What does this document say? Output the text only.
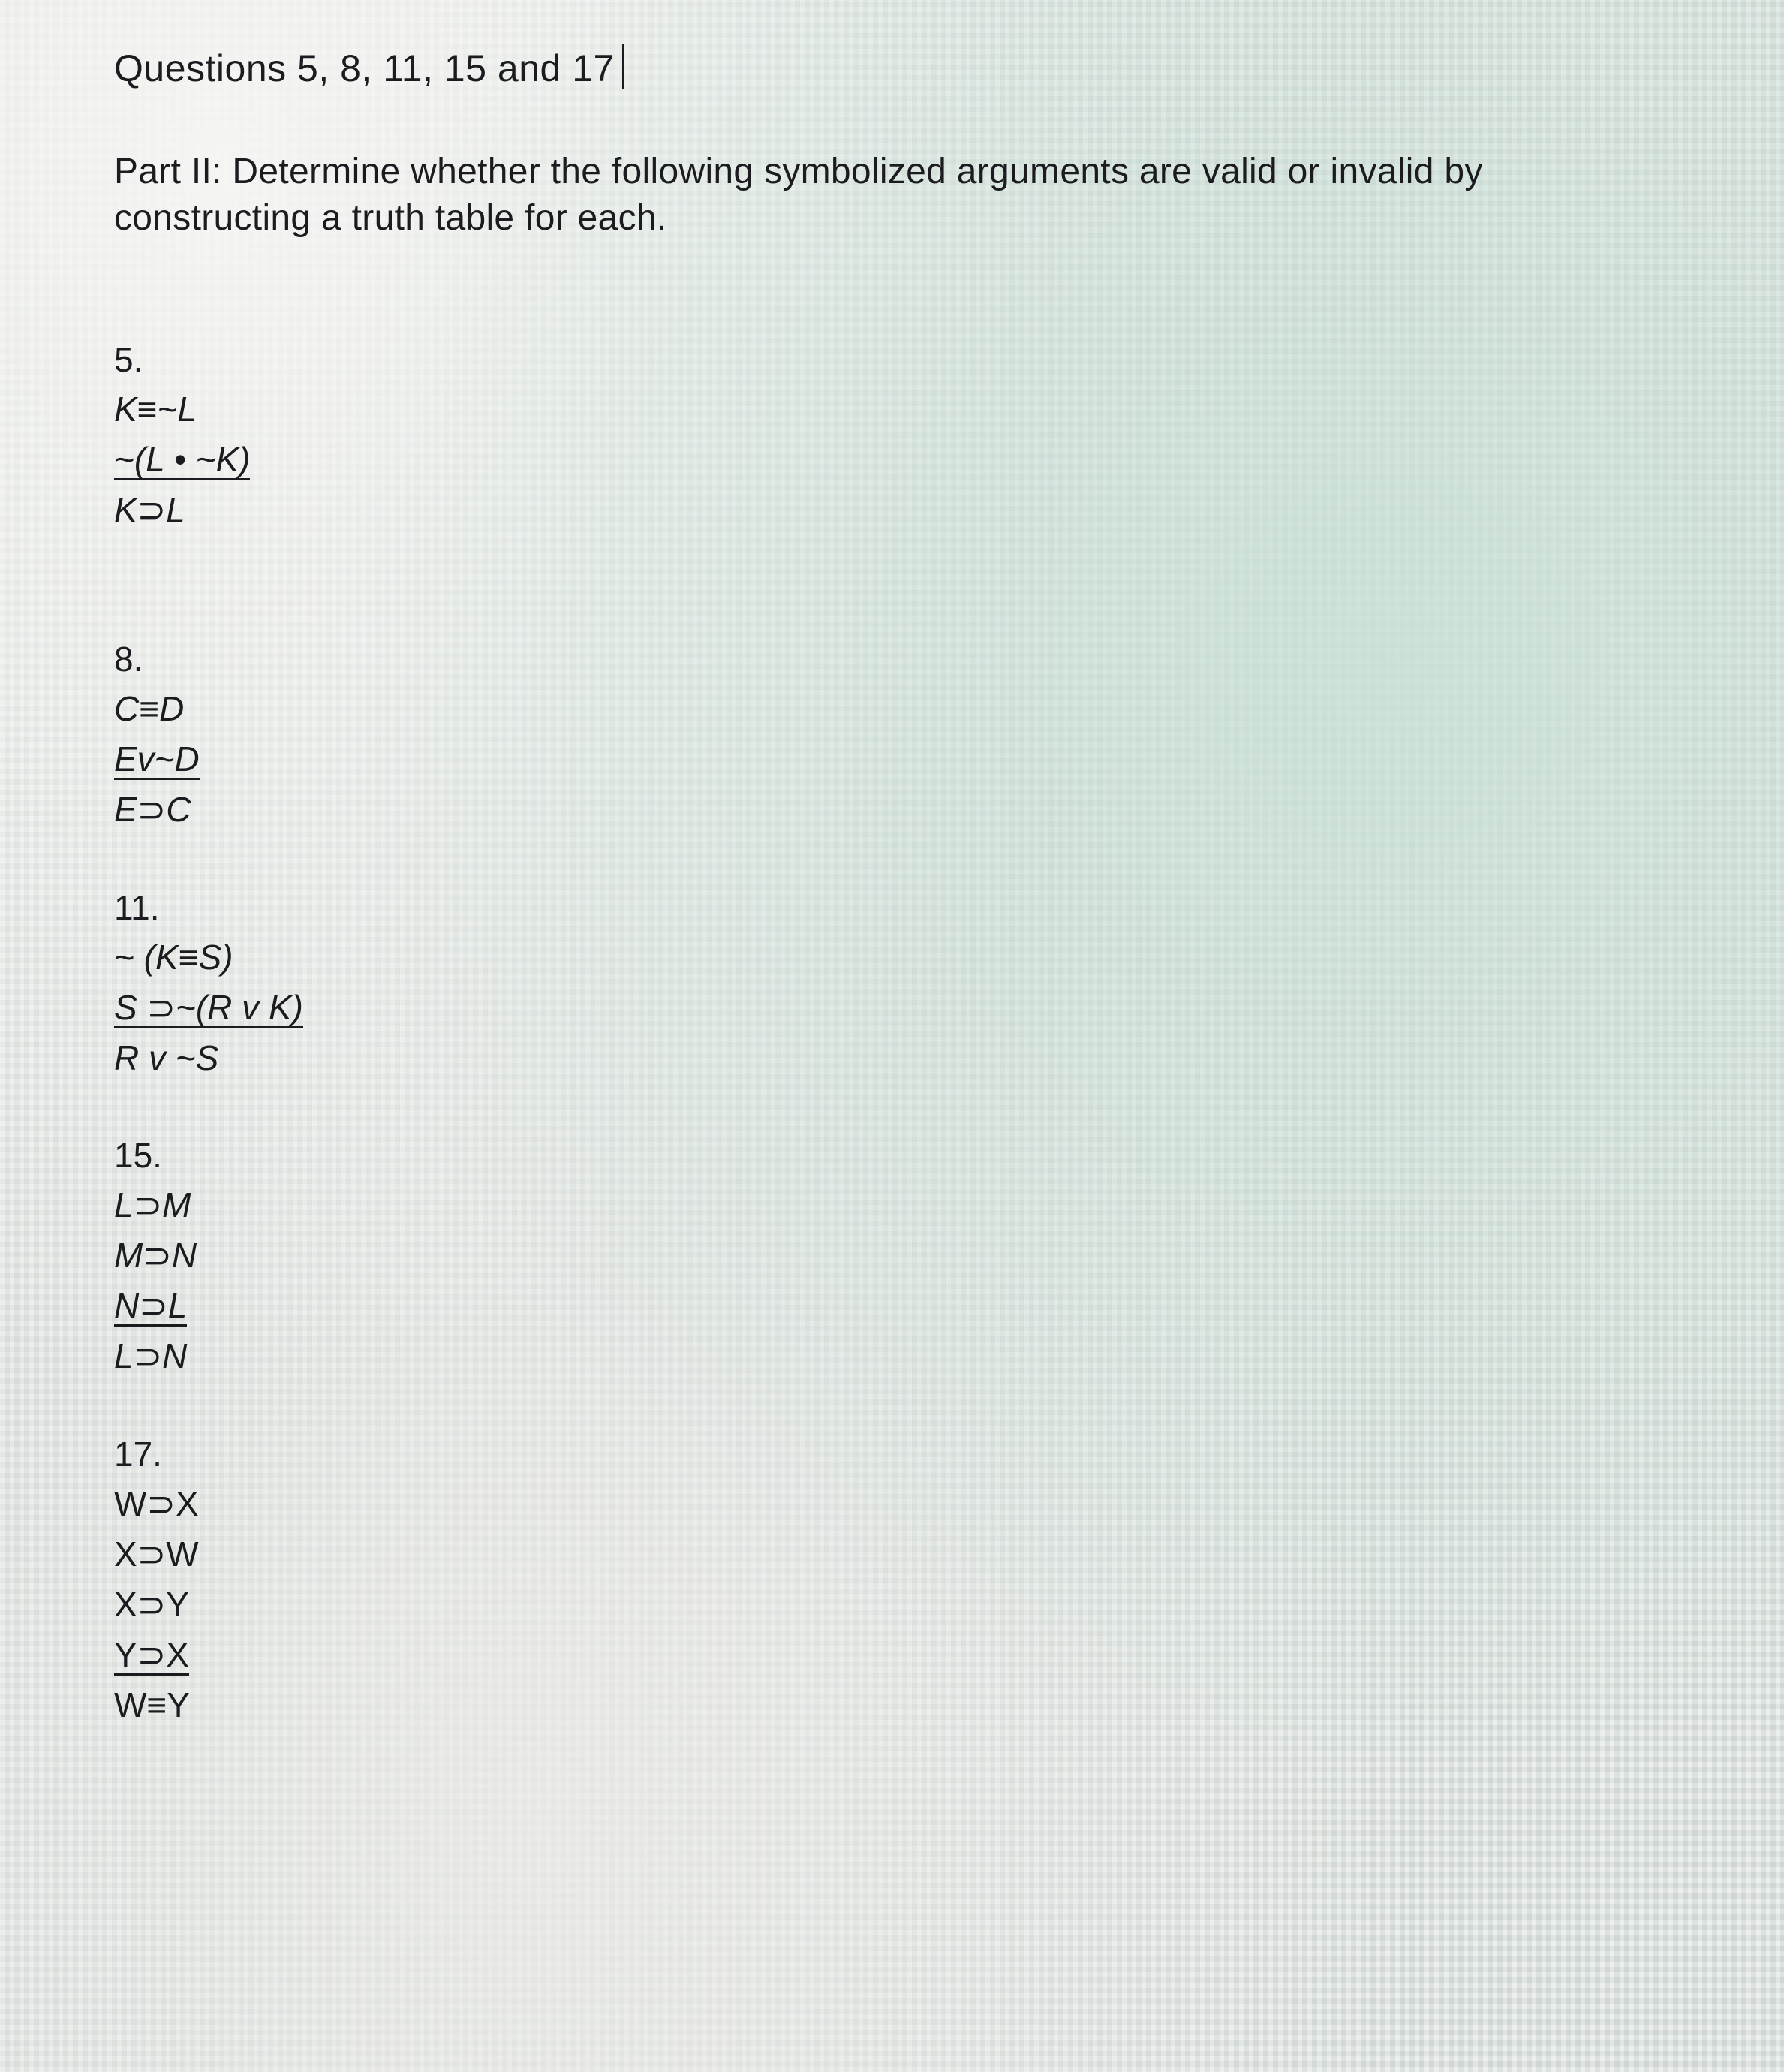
Questions 5, 8, 11, 15 and 17
Part II: Determine whether the following symbolized arguments are valid or invalid by constructing a truth table for each.
5.
K≡~L
~(L • ~K)
K⊃L
8.
C≡D
Ev~D
E⊃C
11.
~ (K≡S)
S ⊃~(R v K)
R v ~S
15.
L⊃M
M⊃N
N⊃L
L⊃N
17.
W⊃X
X⊃W
X⊃Y
Y⊃X
W≡Y
